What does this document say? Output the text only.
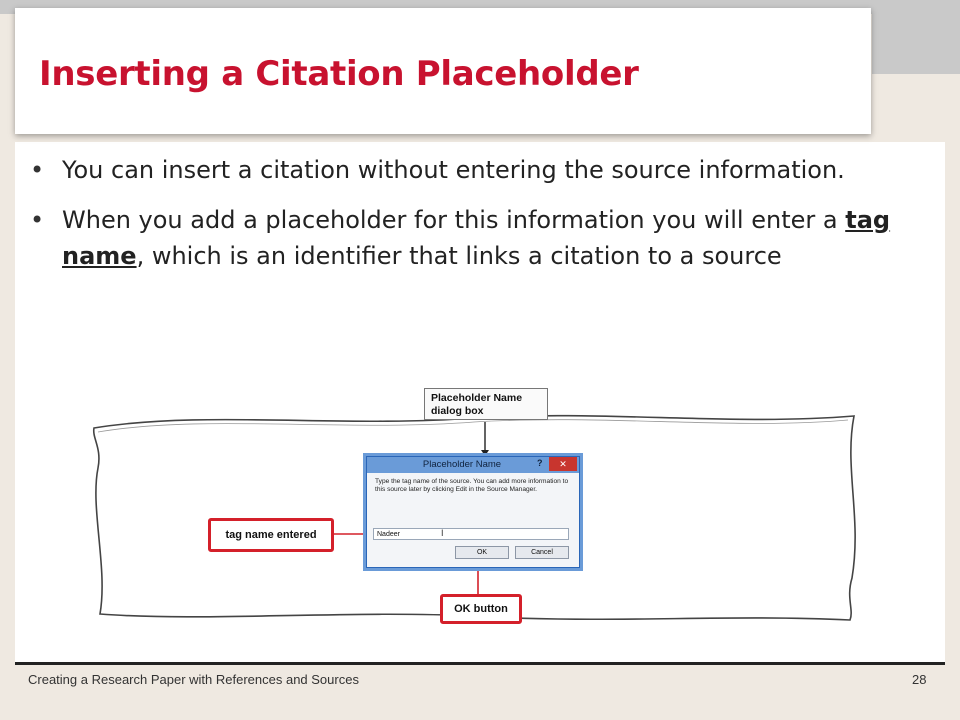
Inserting a Citation Placeholder
• You can insert a citation without entering the source information.
• When you add a placeholder for this information you will enter a tag name, which is an identifier that links a citation to a source
Placeholder Name dialog box
Placeholder Name	?	✕
Type the tag name of the source. You can add more information to this source later by clicking Edit in the Source Manager.
Nadeer	I
OK	Cancel
tag name entered
OK button
Creating a Research Paper with References and Sources	28
